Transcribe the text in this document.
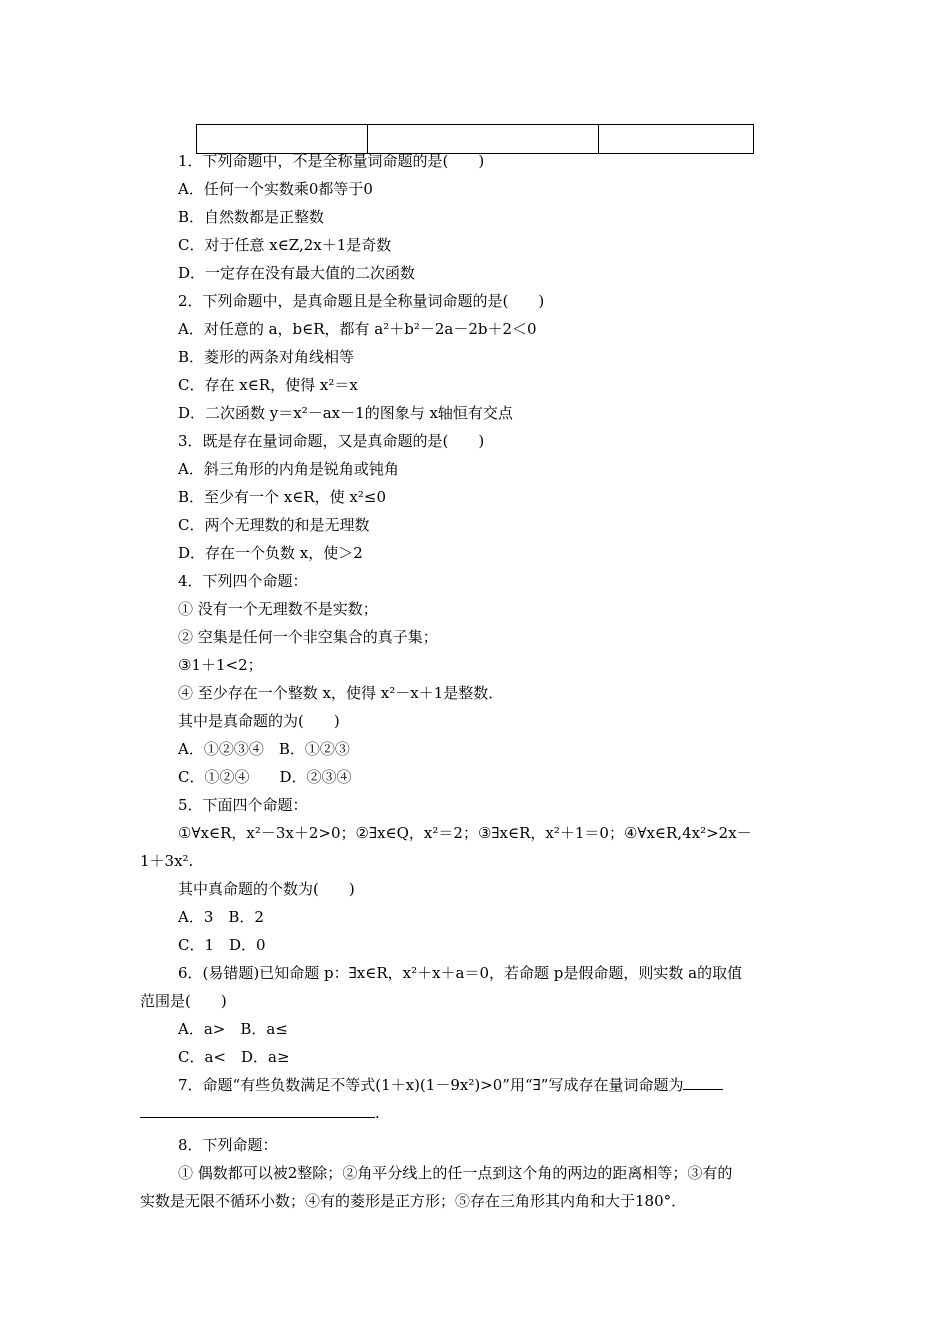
1．下列命题中，不是全称量词命题的是(　　)
A．任何一个实数乘0都等于0
B．自然数都是正整数
C．对于任意 x∈Z,2x＋1是奇数
D．一定存在没有最大值的二次函数
2．下列命题中，是真命题且是全称量词命题的是(　　)
A．对任意的 a，b∈R，都有 a²＋b²－2a－2b＋2＜0
B．菱形的两条对角线相等
C．存在 x∈R，使得 x²＝x
D．二次函数 y＝x²－ax－1的图象与 x轴恒有交点
3．既是存在量词命题，又是真命题的是(　　)
A．斜三角形的内角是锐角或钝角
B．至少有一个 x∈R，使 x²≤0
C．两个无理数的和是无理数
D．存在一个负数 x，使＞2
4．下列四个命题：
① 没有一个无理数不是实数；
② 空集是任何一个非空集合的真子集；
③1＋1<2；
④ 至少存在一个整数 x，使得 x²－x＋1是整数．
其中是真命题的为(　　)
A．①②③④　B．①②③
C．①②④　　D．②③④
5．下面四个命题：
①∀x∈R，x²－3x＋2>0；②∃x∈Q，x²＝2；③∃x∈R，x²＋1＝0；④∀x∈R,4x²>2x－
1＋3x².
其中真命题的个数为(　　)
A．3　B．2
C．1　D．0
6．(易错题)已知命题 p：∃x∈R，x²＋x＋a＝0，若命题 p是假命题，则实数 a的取值
范围是(　　)
A．a>　B．a≤
C．a<　D．a≥
7．命题“有些负数满足不等式(1＋x)(1－9x²)>0”用“∃”写成存在量词命题为
.
8．下列命题：
① 偶数都可以被2整除；②角平分线上的任一点到这个角的两边的距离相等；③有的
实数是无限不循环小数；④有的菱形是正方形；⑤存在三角形其内角和大于180°．
